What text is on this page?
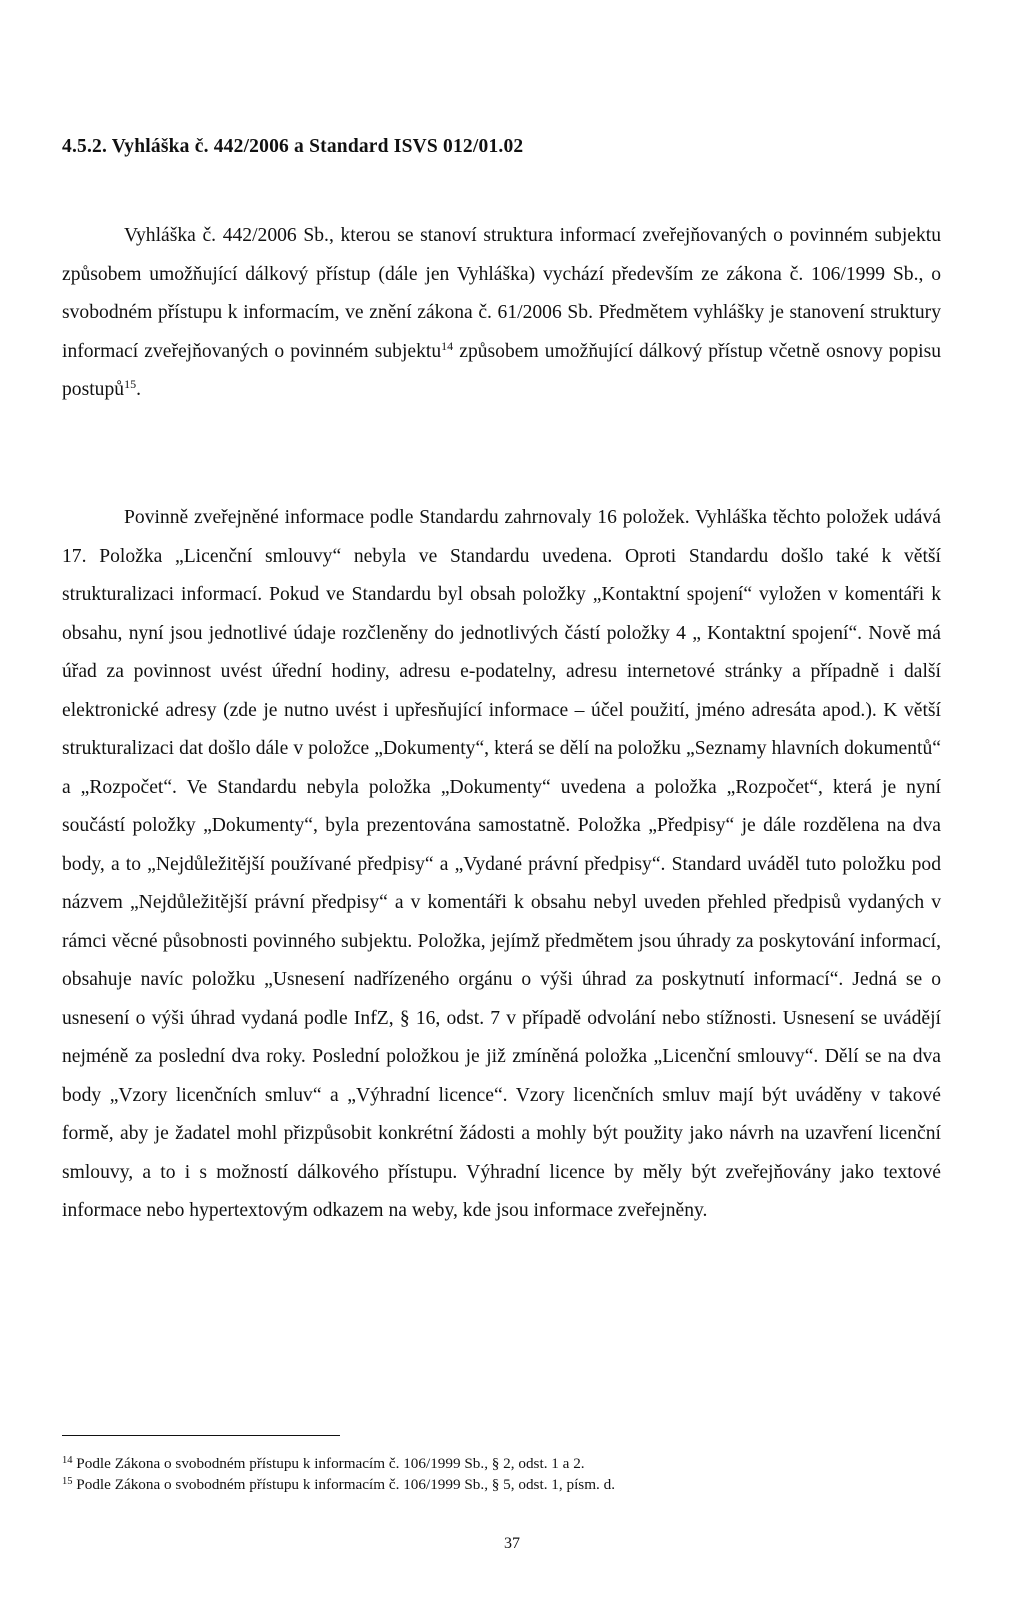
4.5.2. Vyhláška č. 442/2006 a Standard ISVS 012/01.02

Vyhláška č. 442/2006 Sb., kterou se stanoví struktura informací zveřejňovaných o povinném subjektu způsobem umožňující dálkový přístup (dále jen Vyhláška) vychází především ze zákona č. 106/1999 Sb., o svobodném přístupu k informacím, ve znění zákona č. 61/2006 Sb. Předmětem vyhlášky je stanovení struktury informací zveřejňovaných o povinném subjektu$^{14}$ způsobem umožňující dálkový přístup včetně osnovy popisu postupů$^{15}$.

Povinně zveřejněné informace podle Standardu zahrnovaly 16 položek. Vyhláška těchto položek udává 17. Položka „Licenční smlouvy“ nebyla ve Standardu uvedena. Oproti Standardu došlo také k větší strukturalizaci informací. Pokud ve Standardu byl obsah položky „Kontaktní spojení“ vyložen v komentáři k obsahu, nyní jsou jednotlivé údaje rozčleněny do jednotlivých částí položky 4 „ Kontaktní spojení“. Nově má úřad za povinnost uvést úřední hodiny, adresu e-podatelny, adresu internetové stránky a případně i další elektronické adresy (zde je nutno uvést i upřesňující informace – účel použití, jméno adresáta apod.). K větší strukturalizaci dat došlo dále v položce „Dokumenty“, která se dělí na položku „Seznamy hlavních dokumentů“ a „Rozpočet“. Ve Standardu nebyla položka „Dokumenty“ uvedena a položka „Rozpočet“, která je nyní součástí položky „Dokumenty“, byla prezentována samostatně. Položka „Předpisy“ je dále rozdělena na dva body, a to „Nejdůležitější používané předpisy“ a „Vydané právní předpisy“. Standard uváděl tuto položku pod názvem „Nejdůležitější právní předpisy“ a v komentáři k obsahu nebyl uveden přehled předpisů vydaných v rámci věcné působnosti povinného subjektu. Položka, jejímž předmětem jsou úhrady za poskytování informací, obsahuje navíc položku „Usnesení nadřízeného orgánu o výši úhrad za poskytnutí informací“. Jedná se o usnesení o výši úhrad vydaná podle InfZ, § 16, odst. 7 v případě odvolání nebo stížnosti. Usnesení se uvádějí nejméně za poslední dva roky. Poslední položkou je již zmíněná položka „Licenční smlouvy“. Dělí se na dva body „Vzory licenčních smluv“ a „Výhradní licence“. Vzory licenčních smluv mají být uváděny v takové formě, aby je žadatel mohl přizpůsobit konkrétní žádosti a mohly být použity jako návrh na uzavření licenční smlouvy, a to i s možností dálkového přístupu. Výhradní licence by měly být zveřejňovány jako textové informace nebo hypertextovým odkazem na weby, kde jsou informace zveřejněny.

$^{14}$ Podle Zákona o svobodném přístupu k informacím č. 106/1999 Sb., § 2, odst. 1 a 2.
$^{15}$ Podle Zákona o svobodném přístupu k informacím č. 106/1999 Sb., § 5, odst. 1, písm. d.
37
